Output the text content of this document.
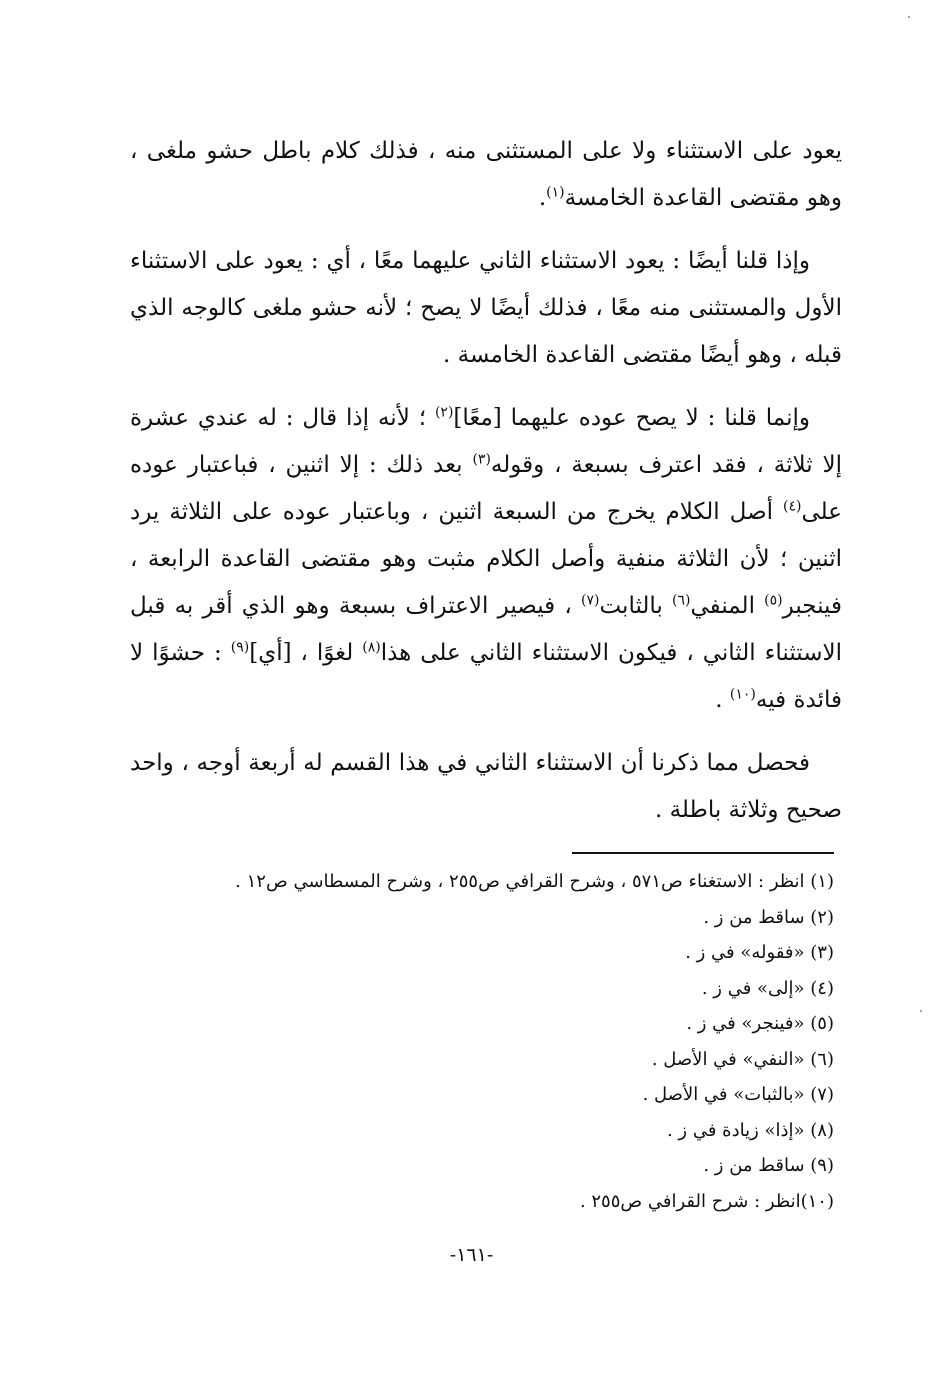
يعود على الاستثناء ولا على المستثنى منه ، فذلك كلام باطل حشو ملغى ، وهو مقتضى القاعدة الخامسة$^{(١)}$.

وإذا قلنا أيضًا : يعود الاستثناء الثاني عليهما معًا ، أي : يعود على الاستثناء الأول والمستثنى منه معًا ، فذلك أيضًا لا يصح ؛ لأنه حشو ملغى كالوجه الذي قبله ، وهو أيضًا مقتضى القاعدة الخامسة .

وإنما قلنا : لا يصح عوده عليهما [معًا]$^{(٢)}$ ؛ لأنه إذا قال : له عندي عشرة إلا ثلاثة ، فقد اعترف بسبعة ، وقوله$^{(٣)}$ بعد ذلك : إلا اثنين ، فباعتبار عوده على$^{(٤)}$ أصل الكلام يخرج من السبعة اثنين ، وباعتبار عوده على الثلاثة يرد اثنين ؛ لأن الثلاثة منفية وأصل الكلام مثبت وهو مقتضى القاعدة الرابعة ، فينجبر$^{(٥)}$ المنفي$^{(٦)}$ بالثابت$^{(٧)}$ ، فيصير الاعتراف بسبعة وهو الذي أقر به قبل الاستثناء الثاني ، فيكون الاستثناء الثاني على هذا$^{(٨)}$ لغوًا ، [أي]$^{(٩)}$ : حشوًا لا فائدة فيه$^{(١٠)}$ .

فحصل مما ذكرنا أن الاستثناء الثاني في هذا القسم له أربعة أوجه ، واحد صحيح وثلاثة باطلة .

(١) انظر : الاستغناء ص٥٧١ ، وشرح القرافي ص٢٥٥ ، وشرح المسطاسي ص١٢ .

(٢) ساقط من ز .

(٣) «فقوله» في ز .

(٤) «إلى» في ز .

(٥) «فينجر» في ز .

(٦) «النفي» في الأصل .

(٧) «بالثبات» في الأصل .

(٨) «إذا» زيادة في ز .

(٩) ساقط من ز .

(١٠)انظر : شرح القرافي ص٢٥٥ .

-١٦١-
